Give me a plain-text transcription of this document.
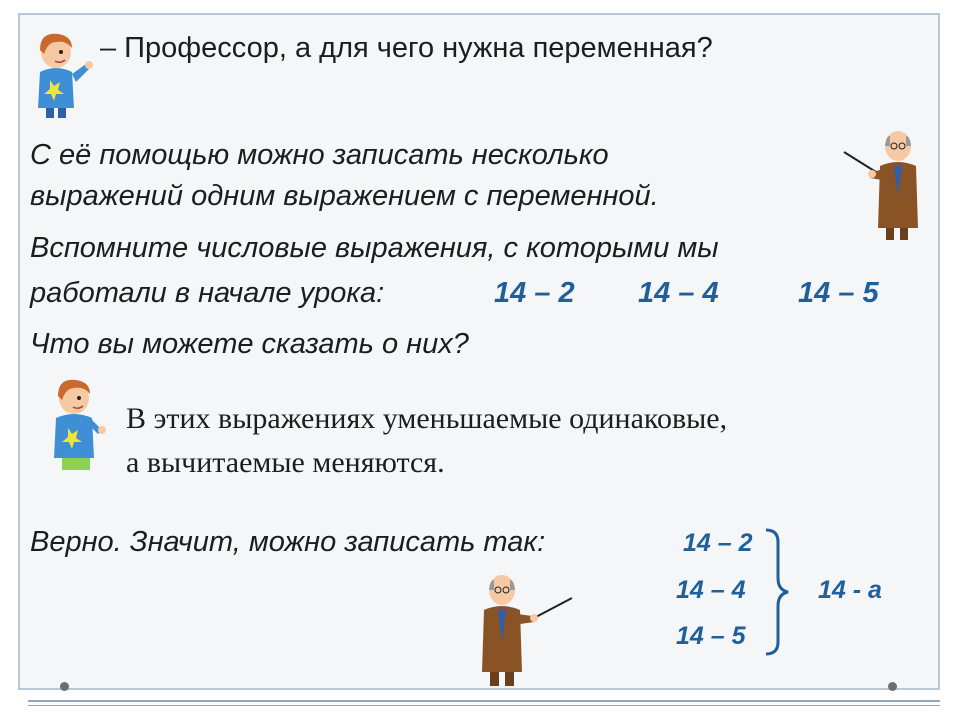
– Профессор, а для чего нужна переменная?
С её помощью можно записать несколько
выражений одним выражением с переменной.
Вспомните числовые выражения, с которыми мы
работали в начале урока:	14 – 2 14 – 4	14 – 5
Что вы можете сказать о них?
В этих выражениях уменьшаемые одинаковые,
а вычитаемые меняются.
Верно. Значит, можно записать так:	14 – 2
14 – 4
14 – 5
14 - a
